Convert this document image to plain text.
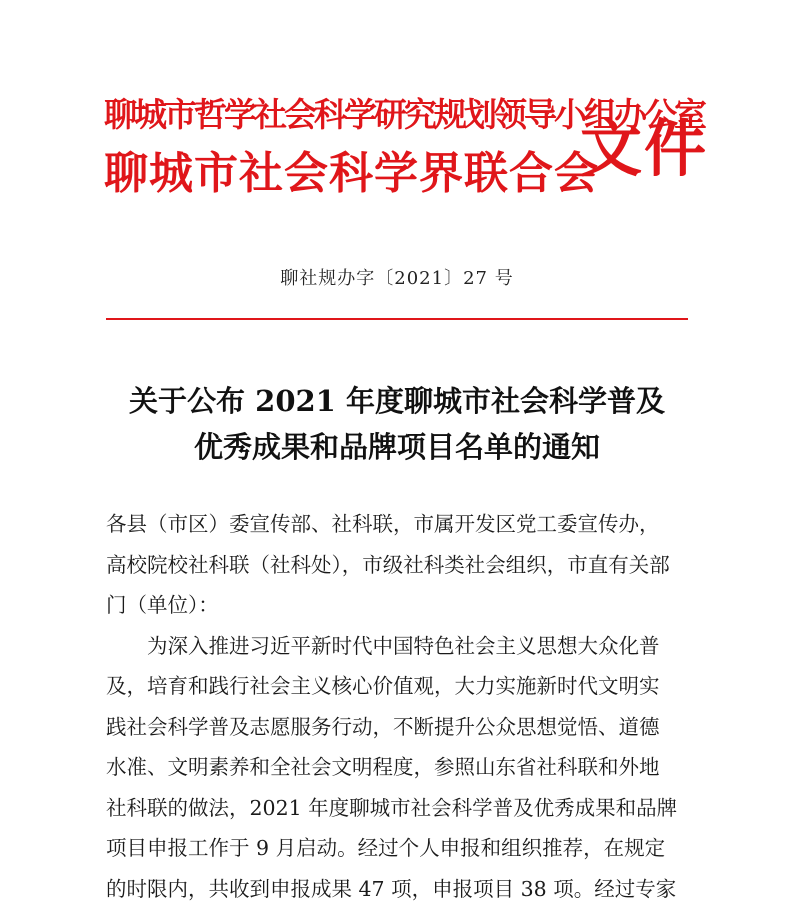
聊城市哲学社会科学研究规划领导小组办公室
聊城市社会科学界联合会
文件
聊社规办字〔2021〕27 号
关于公布 2021 年度聊城市社会科学普及
优秀成果和品牌项目名单的通知
各县（市区）委宣传部、社科联，市属开发区党工委宣传办，
高校院校社科联（社科处），市级社科类社会组织，市直有关部
门（单位）：
为深入推进习近平新时代中国特色社会主义思想大众化普
及，培育和践行社会主义核心价值观，大力实施新时代文明实
践社会科学普及志愿服务行动，不断提升公众思想觉悟、道德
水准、文明素养和全社会文明程度，参照山东省社科联和外地
社科联的做法，2021 年度聊城市社会科学普及优秀成果和品牌
项目申报工作于 9 月启动。经过个人申报和组织推荐，在规定
的时限内，共收到申报成果 47 项，申报项目 38 项。经过专家
